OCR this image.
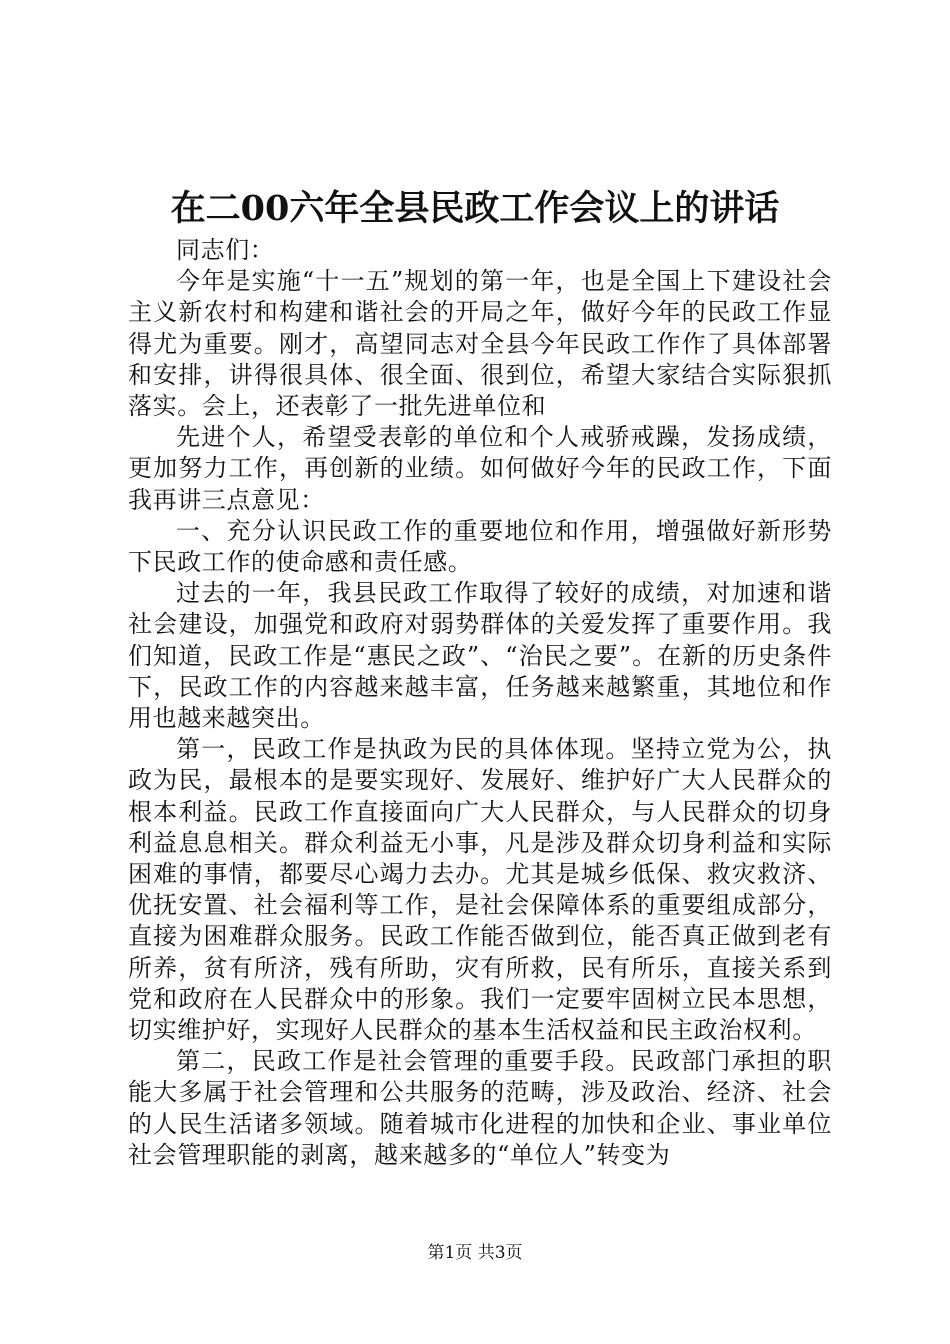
在二00六年全县民政工作会议上的讲话

同志们：

今年是实施“十一五”规划的第一年，也是全国上下建设社会主义新农村和构建和谐社会的开局之年，做好今年的民政工作显得尤为重要。刚才，高望同志对全县今年民政工作作了具体部署和安排，讲得很具体、很全面、很到位，希望大家结合实际狠抓落实。会上，还表彰了一批先进单位和

先进个人，希望受表彰的单位和个人戒骄戒躁，发扬成绩，更加努力工作，再创新的业绩。如何做好今年的民政工作，下面我再讲三点意见：

一、充分认识民政工作的重要地位和作用，增强做好新形势下民政工作的使命感和责任感。

过去的一年，我县民政工作取得了较好的成绩，对加速和谐社会建设，加强党和政府对弱势群体的关爱发挥了重要作用。我们知道，民政工作是“惠民之政”、“治民之要”。在新的历史条件下，民政工作的内容越来越丰富，任务越来越繁重，其地位和作用也越来越突出。

第一，民政工作是执政为民的具体体现。坚持立党为公，执政为民，最根本的是要实现好、发展好、维护好广大人民群众的根本利益。民政工作直接面向广大人民群众，与人民群众的切身利益息息相关。群众利益无小事，凡是涉及群众切身利益和实际困难的事情，都要尽心竭力去办。尤其是城乡低保、救灾救济、优抚安置、社会福利等工作，是社会保障体系的重要组成部分，直接为困难群众服务。民政工作能否做到位，能否真正做到老有所养，贫有所济，残有所助，灾有所救，民有所乐，直接关系到党和政府在人民群众中的形象。我们一定要牢固树立民本思想，切实维护好，实现好人民群众的基本生活权益和民主政治权利。

第二，民政工作是社会管理的重要手段。民政部门承担的职能大多属于社会管理和公共服务的范畴，涉及政治、经济、社会的人民生活诸多领域。随着城市化进程的加快和企业、事业单位社会管理职能的剥离，越来越多的“单位人”转变为

第1页 共3页
